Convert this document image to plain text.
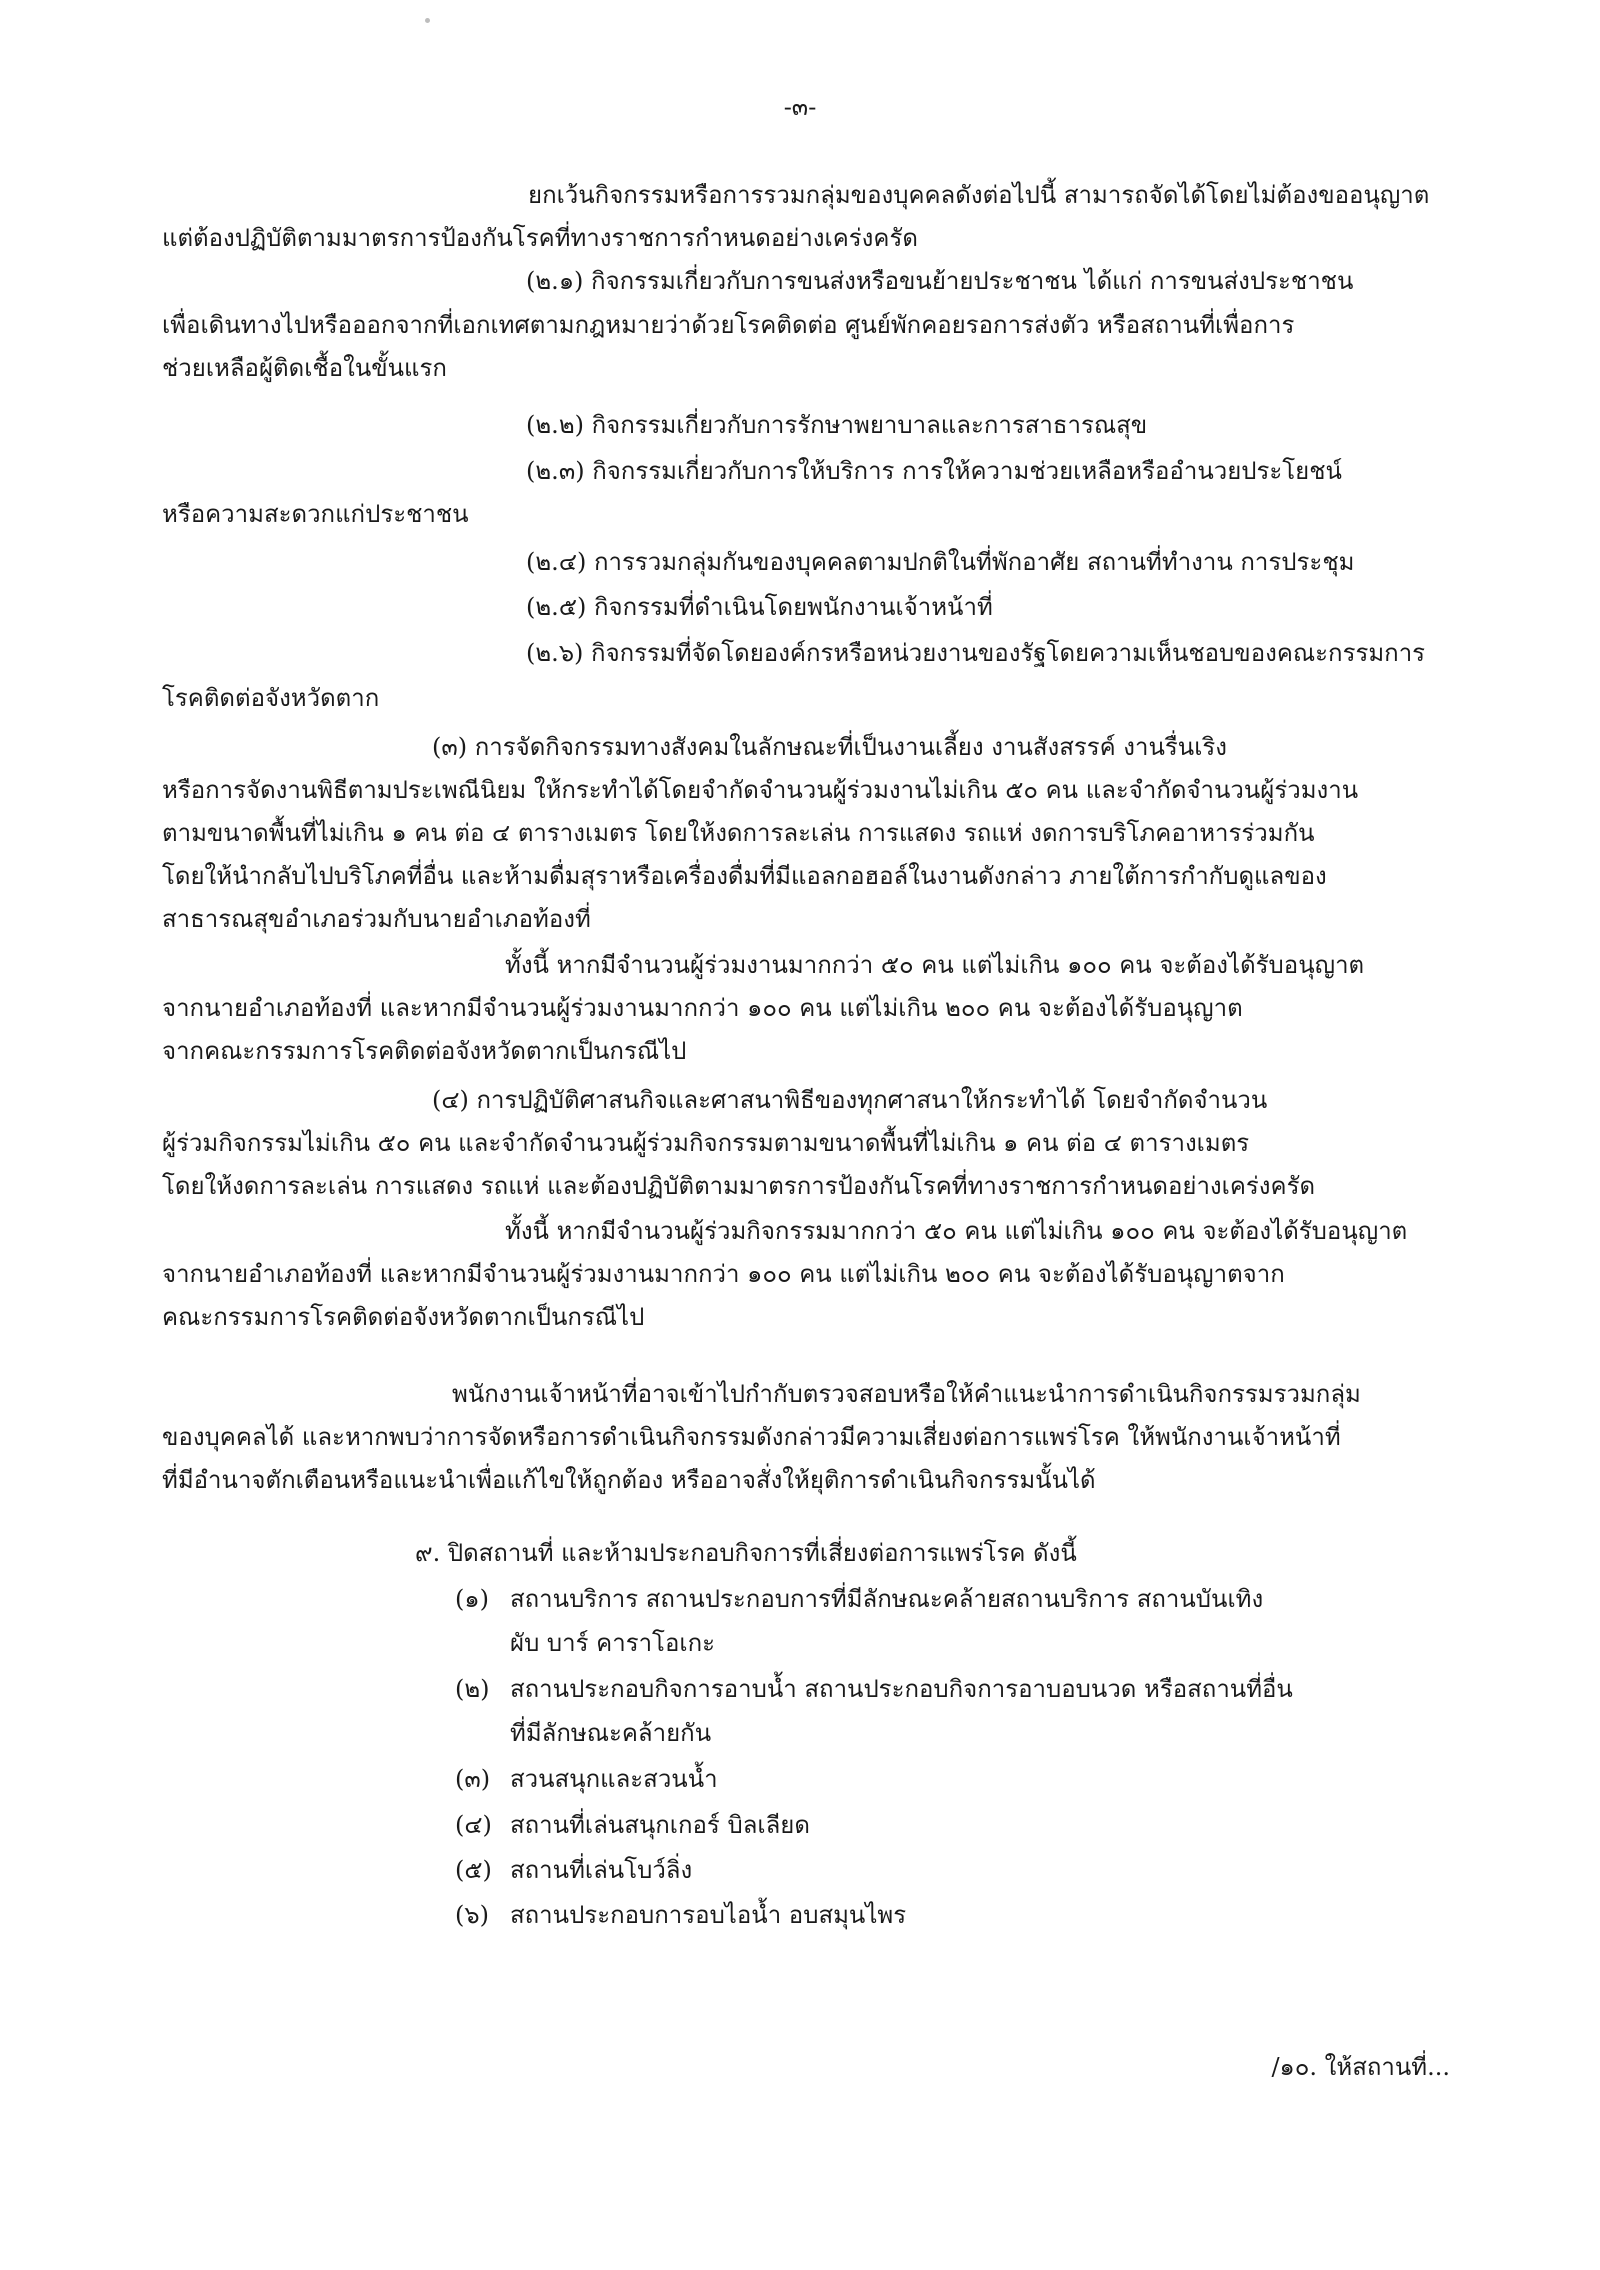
-๓-
ยกเว้นกิจกรรมหรือการรวมกลุ่มของบุคคลดังต่อไปนี้ สามารถจัดได้โดยไม่ต้องขออนุญาต
แต่ต้องปฏิบัติตามมาตรการป้องกันโรคที่ทางราชการกำหนดอย่างเคร่งครัด
(๒.๑) กิจกรรมเกี่ยวกับการขนส่งหรือขนย้ายประชาชน ได้แก่ การขนส่งประชาชน
เพื่อเดินทางไปหรือออกจากที่เอกเทศตามกฎหมายว่าด้วยโรคติดต่อ ศูนย์พักคอยรอการส่งตัว หรือสถานที่เพื่อการ
ช่วยเหลือผู้ติดเชื้อในขั้นแรก
(๒.๒) กิจกรรมเกี่ยวกับการรักษาพยาบาลและการสาธารณสุข
(๒.๓) กิจกรรมเกี่ยวกับการให้บริการ การให้ความช่วยเหลือหรืออำนวยประโยชน์
หรือความสะดวกแก่ประชาชน
(๒.๔) การรวมกลุ่มกันของบุคคลตามปกติในที่พักอาศัย สถานที่ทำงาน การประชุม
(๒.๕) กิจกรรมที่ดำเนินโดยพนักงานเจ้าหน้าที่
(๒.๖) กิจกรรมที่จัดโดยองค์กรหรือหน่วยงานของรัฐโดยความเห็นชอบของคณะกรรมการ
โรคติดต่อจังหวัดตาก
(๓) การจัดกิจกรรมทางสังคมในลักษณะที่เป็นงานเลี้ยง งานสังสรรค์ งานรื่นเริง
หรือการจัดงานพิธีตามประเพณีนิยม ให้กระทำได้โดยจำกัดจำนวนผู้ร่วมงานไม่เกิน ๕๐ คน และจำกัดจำนวนผู้ร่วมงาน
ตามขนาดพื้นที่ไม่เกิน ๑ คน ต่อ ๔ ตารางเมตร โดยให้งดการละเล่น การแสดง รถแห่ งดการบริโภคอาหารร่วมกัน
โดยให้นำกลับไปบริโภคที่อื่น และห้ามดื่มสุราหรือเครื่องดื่มที่มีแอลกอฮอล์ในงานดังกล่าว ภายใต้การกำกับดูแลของ
สาธารณสุขอำเภอร่วมกับนายอำเภอท้องที่
ทั้งนี้ หากมีจำนวนผู้ร่วมงานมากกว่า ๕๐ คน แต่ไม่เกิน ๑๐๐ คน จะต้องได้รับอนุญาต
จากนายอำเภอท้องที่ และหากมีจำนวนผู้ร่วมงานมากกว่า ๑๐๐ คน แต่ไม่เกิน ๒๐๐ คน จะต้องได้รับอนุญาต
จากคณะกรรมการโรคติดต่อจังหวัดตากเป็นกรณีไป
(๔) การปฏิบัติศาสนกิจและศาสนาพิธีของทุกศาสนาให้กระทำได้ โดยจำกัดจำนวน
ผู้ร่วมกิจกรรมไม่เกิน ๕๐ คน และจำกัดจำนวนผู้ร่วมกิจกรรมตามขนาดพื้นที่ไม่เกิน ๑ คน ต่อ ๔ ตารางเมตร
โดยให้งดการละเล่น การแสดง รถแห่ และต้องปฏิบัติตามมาตรการป้องกันโรคที่ทางราชการกำหนดอย่างเคร่งครัด
ทั้งนี้ หากมีจำนวนผู้ร่วมกิจกรรมมากกว่า ๕๐ คน แต่ไม่เกิน ๑๐๐ คน จะต้องได้รับอนุญาต
จากนายอำเภอท้องที่ และหากมีจำนวนผู้ร่วมงานมากกว่า ๑๐๐ คน แต่ไม่เกิน ๒๐๐ คน จะต้องได้รับอนุญาตจาก
คณะกรรมการโรคติดต่อจังหวัดตากเป็นกรณีไป
พนักงานเจ้าหน้าที่อาจเข้าไปกำกับตรวจสอบหรือให้คำแนะนำการดำเนินกิจกรรมรวมกลุ่ม
ของบุคคลได้ และหากพบว่าการจัดหรือการดำเนินกิจกรรมดังกล่าวมีความเสี่ยงต่อการแพร่โรค ให้พนักงานเจ้าหน้าที่
ที่มีอำนาจตักเตือนหรือแนะนำเพื่อแก้ไขให้ถูกต้อง หรืออาจสั่งให้ยุติการดำเนินกิจกรรมนั้นได้
๙. ปิดสถานที่ และห้ามประกอบกิจการที่เสี่ยงต่อการแพร่โรค ดังนี้
(๑) สถานบริการ สถานประกอบการที่มีลักษณะคล้ายสถานบริการ สถานบันเทิง
ผับ บาร์ คาราโอเกะ
(๒) สถานประกอบกิจการอาบน้ำ สถานประกอบกิจการอาบอบนวด หรือสถานที่อื่น
ที่มีลักษณะคล้ายกัน
(๓) สวนสนุกและสวนน้ำ
(๔) สถานที่เล่นสนุกเกอร์ บิลเลียด
(๕) สถานที่เล่นโบว์ลิ่ง
(๖) สถานประกอบการอบไอน้ำ อบสมุนไพร
/๑๐. ให้สถานที่...
